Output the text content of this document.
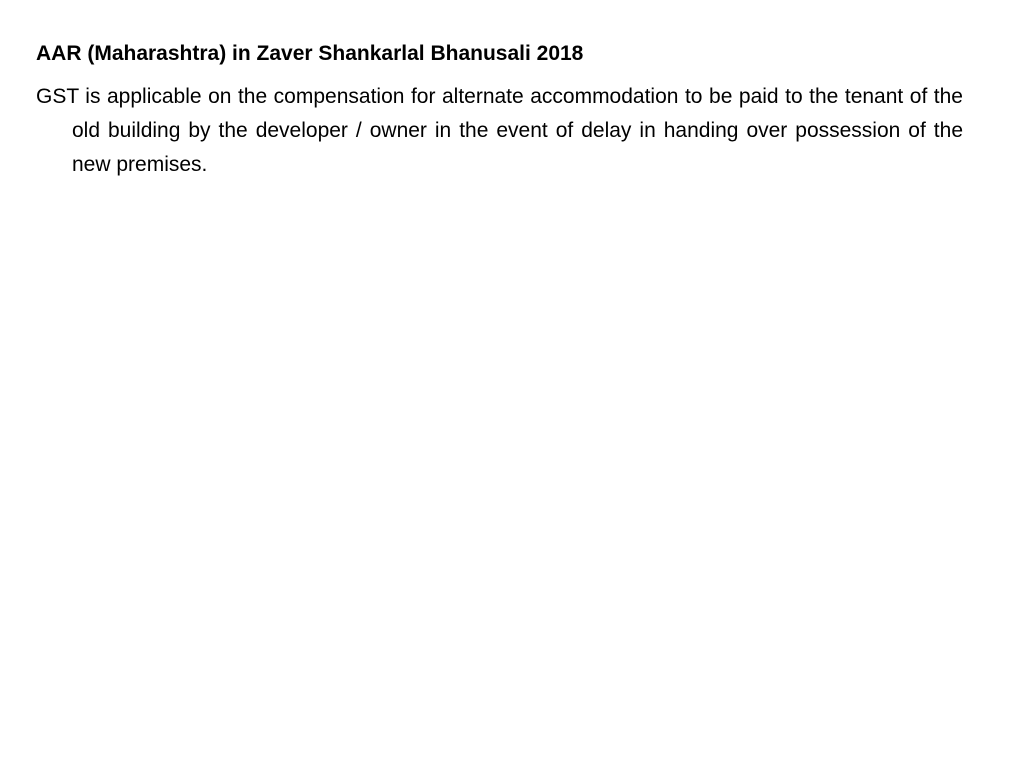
AAR (Maharashtra) in Zaver Shankarlal Bhanusali 2018

GST is applicable on the compensation for alternate accommodation to be paid to the tenant of the old building by the developer / owner in the event of delay in handing over possession of the new premises.
